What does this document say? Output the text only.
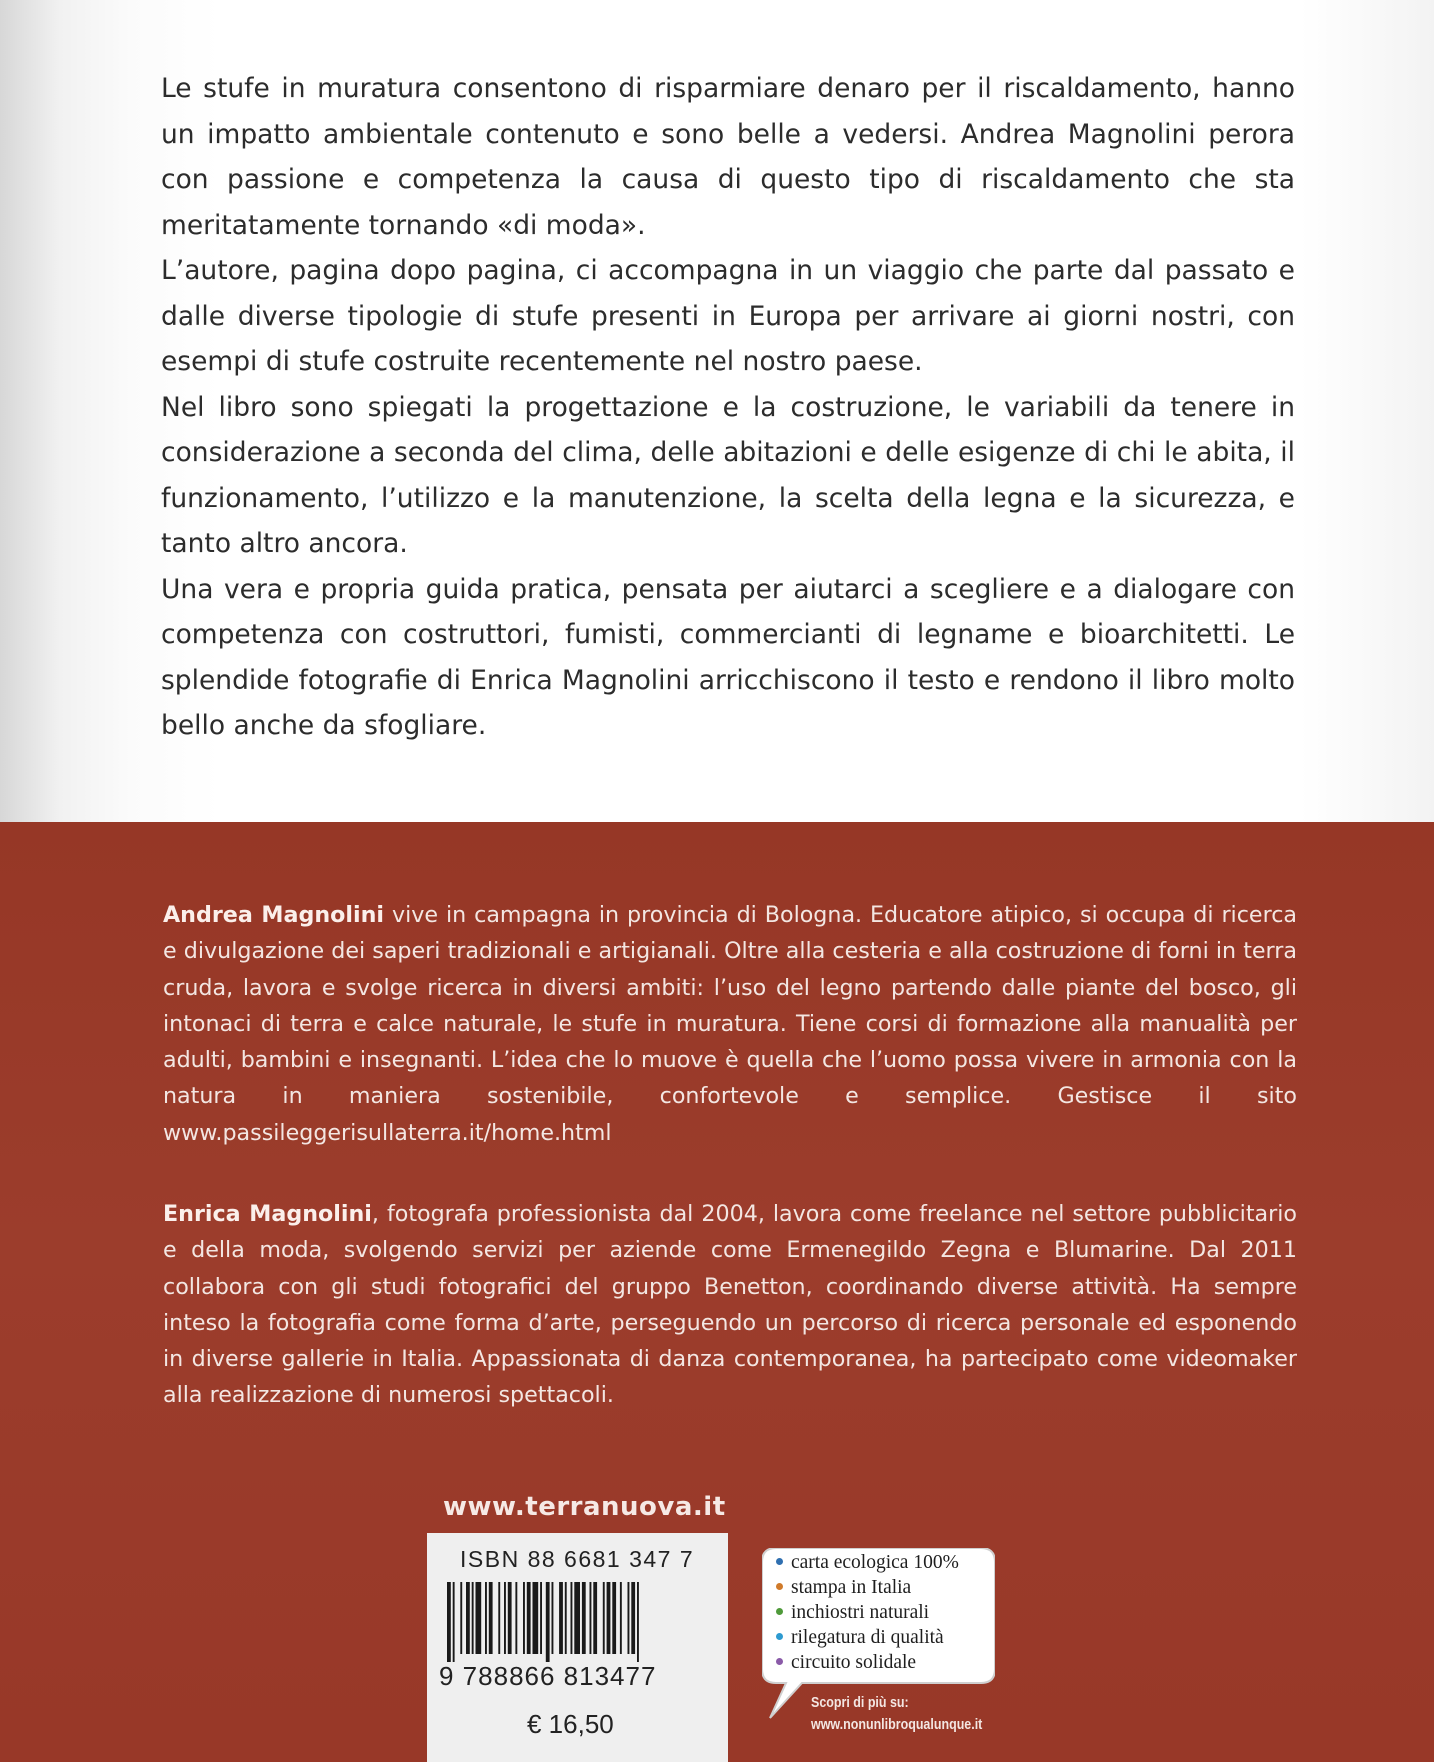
Le stufe in muratura consentono di risparmiare denaro per il riscaldamento, hanno un impatto ambientale contenuto e sono belle a vedersi. Andrea Magnolini perora con passione e competenza la causa di questo tipo di riscaldamento che sta meritatamente tornando «di moda».

L’autore, pagina dopo pagina, ci accompagna in un viaggio che parte dal passato e dalle diverse tipologie di stufe presenti in Europa per arrivare ai giorni nostri, con esempi di stufe costruite recentemente nel nostro paese.

Nel libro sono spiegati la progettazione e la costruzione, le variabili da tenere in considerazione a seconda del clima, delle abitazioni e delle esigenze di chi le abita, il funzionamento, l’utilizzo e la manutenzione, la scelta della legna e la sicurezza, e tanto altro ancora.

Una vera e propria guida pratica, pensata per aiutarci a scegliere e a dialogare con competenza con costruttori, fumisti, commercianti di legname e bioarchitetti. Le splendide fotografie di Enrica Magnolini arricchiscono il testo e rendono il libro molto bello anche da sfogliare.

Andrea Magnolini vive in campagna in provincia di Bologna. Educatore atipico, si occupa di ricerca e divulgazione dei saperi tradizionali e artigianali. Oltre alla cesteria e alla costruzione di forni in terra cruda, lavora e svolge ricerca in diversi ambiti: l’uso del legno partendo dalle piante del bosco, gli intonaci di terra e calce naturale, le stufe in muratura. Tiene corsi di formazione alla manualità per adulti, bambini e insegnanti. L’idea che lo muove è quella che l’uomo possa vivere in armonia con la natura in maniera sostenibile, confortevole e semplice. Gestisce il sito www.passileggerisullaterra.it/home.html

Enrica Magnolini, fotografa professionista dal 2004, lavora come freelance nel settore pubblicitario e della moda, svolgendo servizi per aziende come Ermenegildo Zegna e Blumarine. Dal 2011 collabora con gli studi fotografici del gruppo Benetton, coordinando diverse attività. Ha sempre inteso la fotografia come forma d’arte, perseguendo un percorso di ricerca personale ed esponendo in diverse gallerie in Italia. Appassionata di danza contemporanea, ha partecipato come videomaker alla realizzazione di numerosi spettacoli.

www.terranuova.it
ISBN 88 6681 347 7
9 788866 813477
€ 16,50
carta ecologica 100%
stampa in Italia
inchiostri naturali
rilegatura di qualità
circuito solidale
Scopri di più su:
www.nonunlibroqualunque.it
